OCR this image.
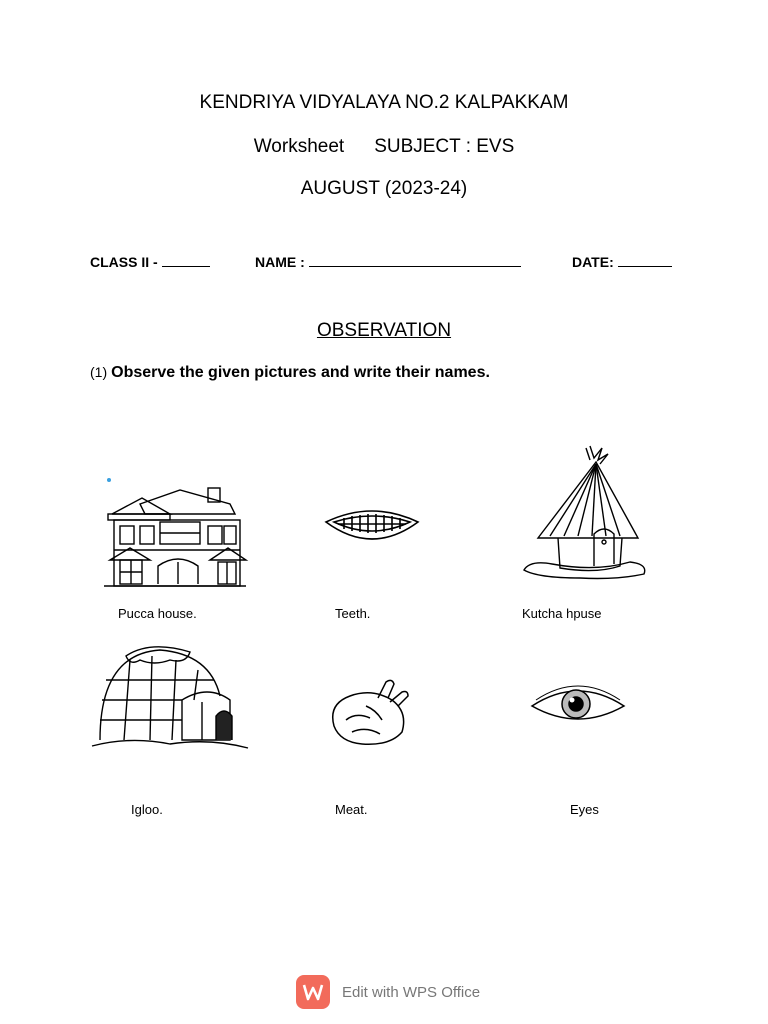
KENDRIYA VIDYALAYA NO.2 KALPAKKAM
Worksheet SUBJECT : EVS
AUGUST (2023-24)
CLASS II -	NAME :	DATE:
OBSERVATION
(1) Observe the given pictures and write their names.
Pucca house.	Teeth.	Kutcha hpuse
Igloo.	Meat.	Eyes
Edit with WPS Office
